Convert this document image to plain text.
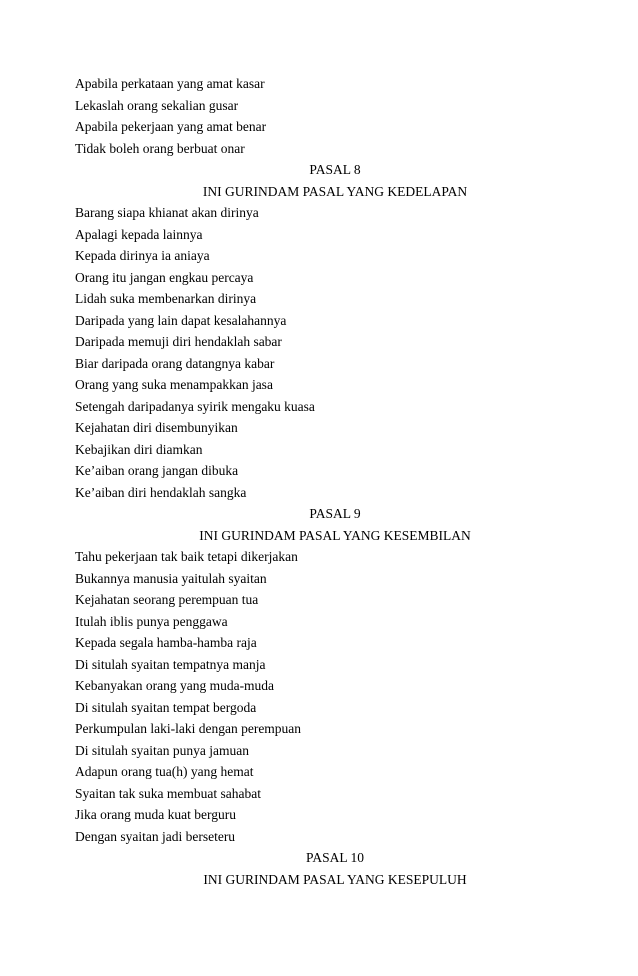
Apabila perkataan yang amat kasar
Lekaslah orang sekalian gusar
Apabila pekerjaan yang amat benar
Tidak boleh orang berbuat onar
PASAL 8
INI GURINDAM PASAL YANG KEDELAPAN
Barang siapa khianat akan dirinya
Apalagi kepada lainnya
Kepada dirinya ia aniaya
Orang itu jangan engkau percaya
Lidah suka membenarkan dirinya
Daripada yang lain dapat kesalahannya
Daripada memuji diri hendaklah sabar
Biar daripada orang datangnya kabar
Orang yang suka menampakkan jasa
Setengah daripadanya syirik mengaku kuasa
Kejahatan diri disembunyikan
Kebajikan diri diamkan
Ke’aiban orang jangan dibuka
Ke’aiban diri hendaklah sangka
PASAL 9
INI GURINDAM PASAL YANG KESEMBILAN
Tahu pekerjaan tak baik tetapi dikerjakan
Bukannya manusia yaitulah syaitan
Kejahatan seorang perempuan tua
Itulah iblis punya penggawa
Kepada segala hamba-hamba raja
Di situlah syaitan tempatnya manja
Kebanyakan orang yang muda-muda
Di situlah syaitan tempat bergoda
Perkumpulan laki-laki dengan perempuan
Di situlah syaitan punya jamuan
Adapun orang tua(h) yang hemat
Syaitan tak suka membuat sahabat
Jika orang muda kuat berguru
Dengan syaitan jadi berseteru
PASAL 10
INI GURINDAM PASAL YANG KESEPULUH
